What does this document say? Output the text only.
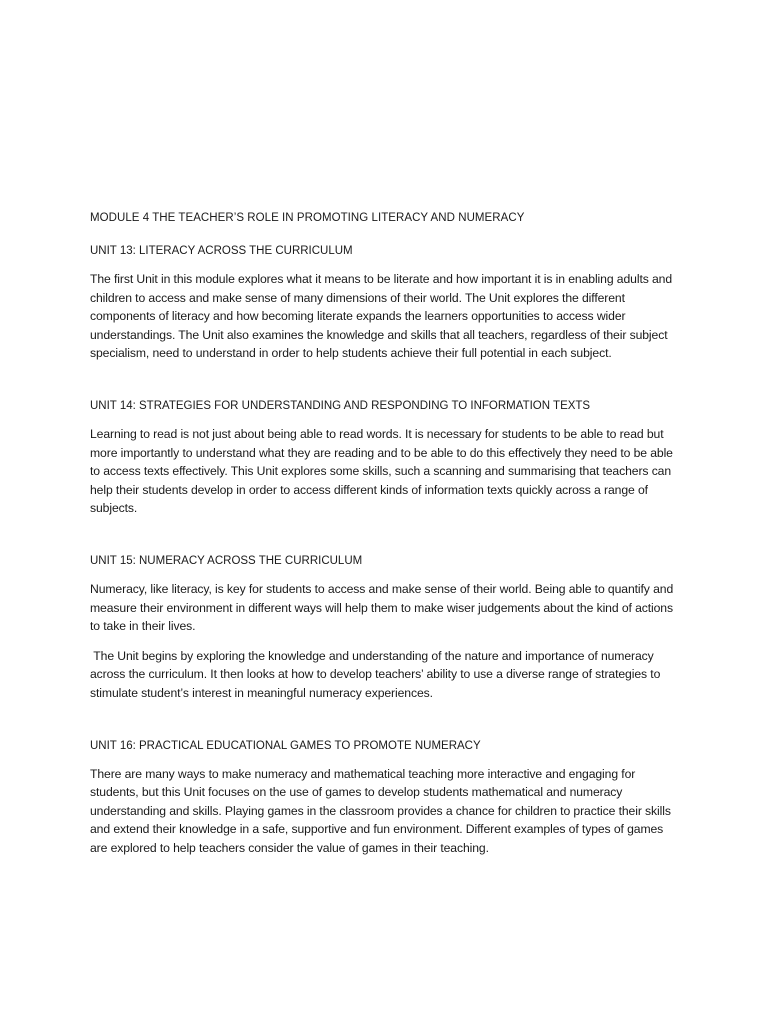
MODULE 4 THE TEACHER’S ROLE IN PROMOTING LITERACY AND NUMERACY
UNIT 13: LITERACY ACROSS THE CURRICULUM

The first Unit in this module explores what it means to be literate and how important it is in enabling adults and children to access and make sense of many dimensions of their world. The Unit explores the different components of literacy and how becoming literate expands the learners opportunities to access wider understandings. The Unit also examines the knowledge and skills that all teachers, regardless of their subject specialism, need to understand in order to help students achieve their full potential in each subject.

UNIT 14: STRATEGIES FOR UNDERSTANDING AND RESPONDING TO INFORMATION TEXTS

Learning to read is not just about being able to read words. It is necessary for students to be able to read but more importantly to understand what they are reading and to be able to do this effectively they need to be able to access texts effectively. This Unit explores some skills, such a scanning and summarising that teachers can help their students develop in order to access different kinds of information texts quickly across a range of subjects.

UNIT 15: NUMERACY ACROSS THE CURRICULUM

Numeracy, like literacy, is key for students to access and make sense of their world. Being able to quantify and measure their environment in different ways will help them to make wiser judgements about the kind of actions to take in their lives.

The Unit begins by exploring the knowledge and understanding of the nature and importance of numeracy across the curriculum. It then looks at how to develop teachers’ ability to use a diverse range of strategies to stimulate student’s interest in meaningful numeracy experiences.

UNIT 16: PRACTICAL EDUCATIONAL GAMES TO PROMOTE NUMERACY

There are many ways to make numeracy and mathematical teaching more interactive and engaging for students, but this Unit focuses on the use of games to develop students mathematical and numeracy understanding and skills. Playing games in the classroom provides a chance for children to practice their skills and extend their knowledge in a safe, supportive and fun environment. Different examples of types of games are explored to help teachers consider the value of games in their teaching.
